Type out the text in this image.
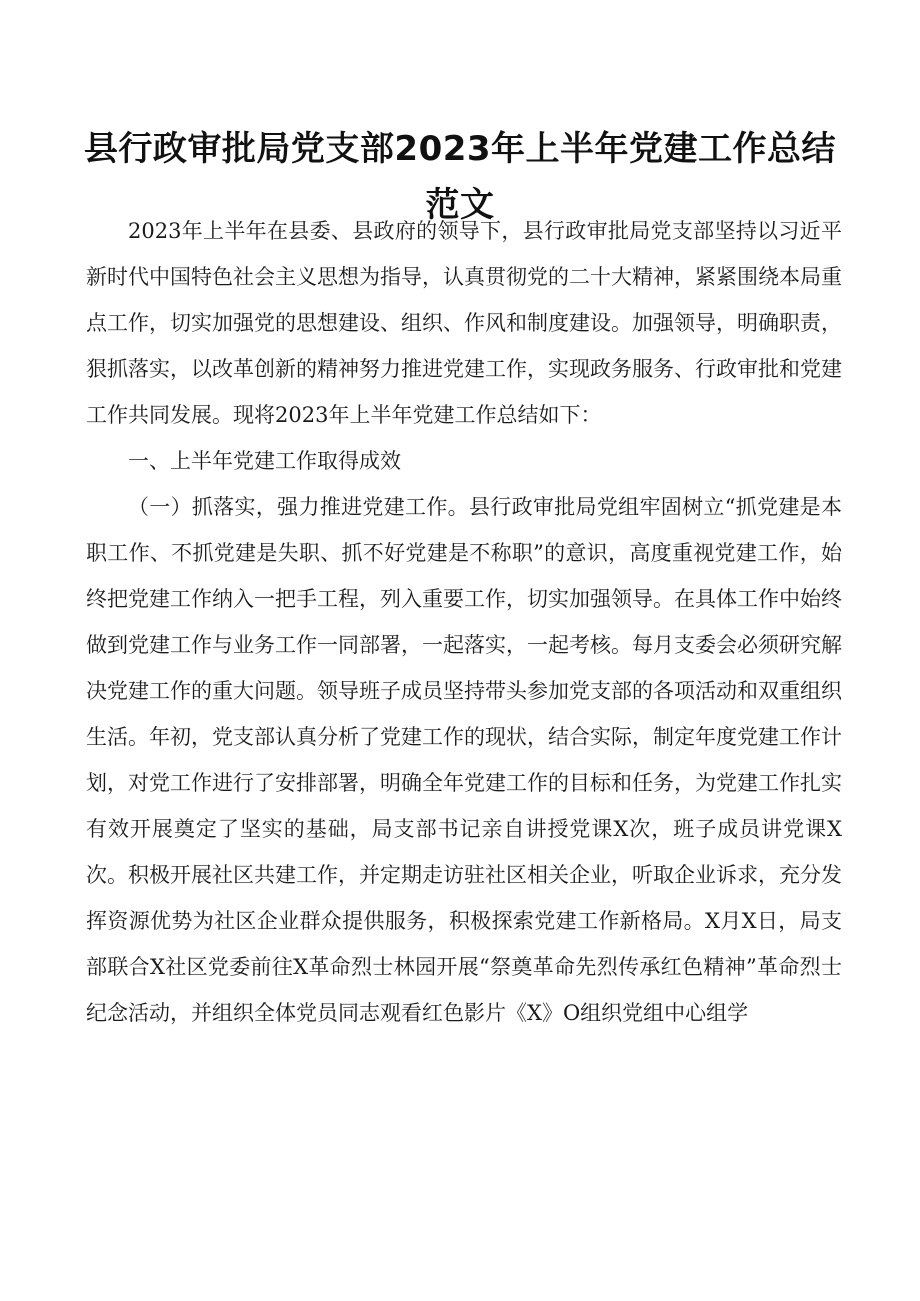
县行政审批局党支部2023年上半年党建工作总结范文

2023年上半年在县委、县政府的领导下，县行政审批局党支部坚持以习近平新时代中国特色社会主义思想为指导，认真贯彻党的二十大精神，紧紧围绕本局重点工作，切实加强党的思想建设、组织、作风和制度建设。加强领导，明确职责，狠抓落实，以改革创新的精神努力推进党建工作，实现政务服务、行政审批和党建工作共同发展。现将2023年上半年党建工作总结如下：

一、上半年党建工作取得成效

（一）抓落实，强力推进党建工作。县行政审批局党组牢固树立“抓党建是本职工作、不抓党建是失职、抓不好党建是不称职”的意识，高度重视党建工作，始终把党建工作纳入一把手工程，列入重要工作，切实加强领导。在具体工作中始终做到党建工作与业务工作一同部署，一起落实，一起考核。每月支委会必须研究解决党建工作的重大问题。领导班子成员坚持带头参加党支部的各项活动和双重组织生活。年初，党支部认真分析了党建工作的现状，结合实际，制定年度党建工作计划，对党工作进行了安排部署，明确全年党建工作的目标和任务，为党建工作扎实有效开展奠定了坚实的基础，局支部书记亲自讲授党课X次，班子成员讲党课X次。积极开展社区共建工作，并定期走访驻社区相关企业，听取企业诉求，充分发挥资源优势为社区企业群众提供服务，积极探索党建工作新格局。X月X日，局支部联合X社区党委前往X革命烈士林园开展“祭奠革命先烈传承红色精神”革命烈士纪念活动，并组织全体党员同志观看红色影片《X》O组织党组中心组学
